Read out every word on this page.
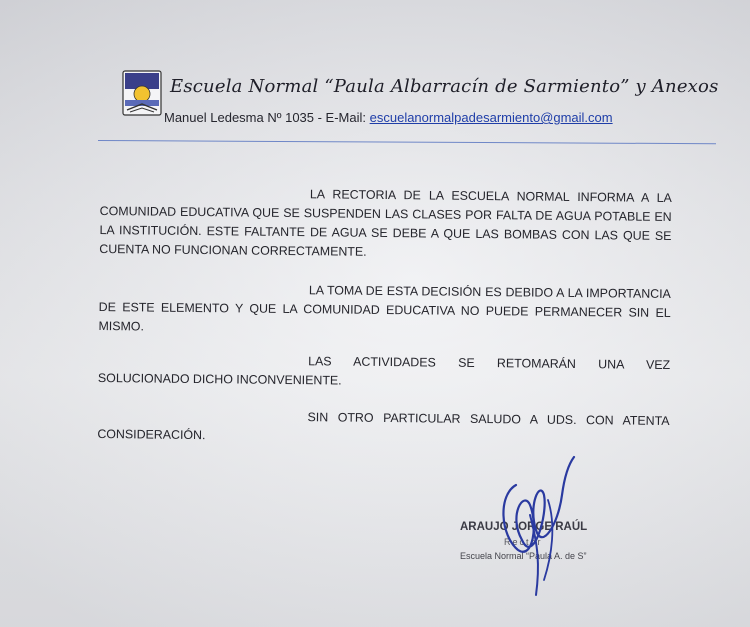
Escuela Normal “Paula Albarracín de Sarmiento” y Anexos
Manuel Ledesma Nº 1035 - E-Mail: escuelanormalpadesarmiento@gmail.com

LA RECTORIA DE LA ESCUELA NORMAL INFORMA A LA COMUNIDAD EDUCATIVA QUE SE SUSPENDEN LAS CLASES POR FALTA DE AGUA POTABLE EN LA INSTITUCIÓN. ESTE FALTANTE DE AGUA SE DEBE A QUE LAS BOMBAS CON LAS QUE SE CUENTA NO FUNCIONAN CORRECTAMENTE.

LA TOMA DE ESTA DECISIÓN ES DEBIDO A LA IMPORTANCIA DE ESTE ELEMENTO Y QUE LA COMUNIDAD EDUCATIVA NO PUEDE PERMANECER SIN EL MISMO.

LAS ACTIVIDADES SE RETOMARÁN UNA VEZ SOLUCIONADO DICHO INCONVENIENTE.

SIN OTRO PARTICULAR SALUDO A UDS. CON ATENTA CONSIDERACIÓN.

ARAUJO JORGE RAÚL
Rector
Escuela Normal “Paula A. de S”
